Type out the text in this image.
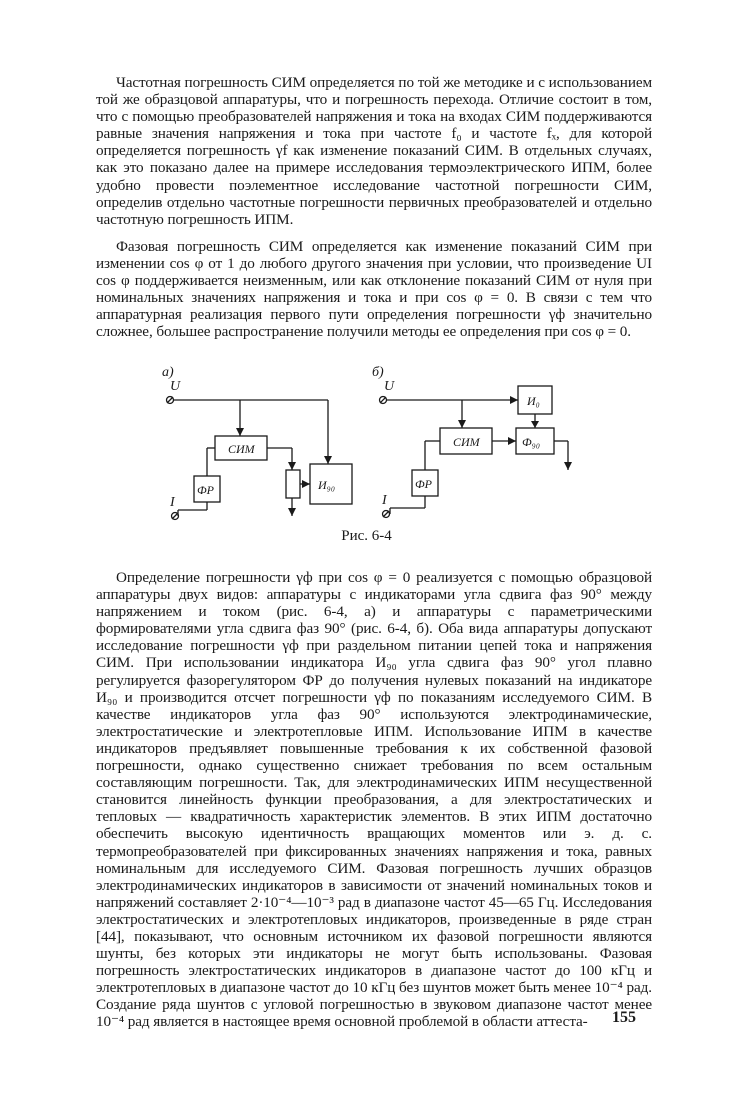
Частотная погрешность СИМ определяется по той же методике и с использованием той же образцовой аппаратуры, что и погрешность перехода. Отличие состоит в том, что с помощью преобразователей напряжения и тока на входах СИМ поддерживаются равные значения напряжения и тока при частоте f₀ и частоте fₓ, для которой определяется погрешность γf как изменение показаний СИМ. В отдельных случаях, как это показано далее на примере исследования термоэлектрического ИПМ, более удобно провести поэлементное исследование частотной погрешности СИМ, определив отдельно частотные погрешности первичных преобразователей и отдельно частотную погрешность ИПМ.

Фазовая погрешность СИМ определяется как изменение показаний СИМ при изменении cos φ от 1 до любого другого значения при условии, что произведение UI cos φ поддерживается неизменным, или как отклонение показаний СИМ от нуля при номинальных значениях напряжения и тока и при cos φ = 0. В связи с тем что аппаратурная реализация первого пути определения погрешности γф значительно сложнее, большее распространение получили методы ее определения при cos φ = 0.

а)
U
СИМ
И₉₀
ФР
I
б)
U
И₀
СИМ	Ф₉₀
ФР
I
Рис. 6-4

Определение погрешности γф при cos φ = 0 реализуется с помощью образцовой аппаратуры двух видов: аппаратуры с индикаторами угла сдвига фаз 90° между напряжением и током (рис. 6-4, а) и аппаратуры с параметрическими формирователями угла сдвига фаз 90° (рис. 6-4, б). Оба вида аппаратуры допускают исследование погрешности γф при раздельном питании цепей тока и напряжения СИМ. При использовании индикатора И₉₀ угла сдвига фаз 90° угол плавно регулируется фазорегулятором ФР до получения нулевых показаний на индикаторе И₉₀ и производится отсчет погрешности γф по показаниям исследуемого СИМ. В качестве индикаторов угла фаз 90° используются электродинамические, электростатические и электротепловые ИПМ. Использование ИПМ в качестве индикаторов предъявляет повышенные требования к их собственной фазовой погрешности, однако существенно снижает требования по всем остальным составляющим погрешности. Так, для электродинамических ИПМ несущественной становится линейность функции преобразования, а для электростатических и тепловых — квадратичность характеристик элементов. В этих ИПМ достаточно обеспечить высокую идентичность вращающих моментов или э. д. с. термопреобразователей при фиксированных значениях напряжения и тока, равных номинальным для исследуемого СИМ. Фазовая погрешность лучших образцов электродинамических индикаторов в зависимости от значений номинальных токов и напряжений составляет 2·10⁻⁴—10⁻³ рад в диапазоне частот 45—65 Гц. Исследования электростатических и электротепловых индикаторов, произведенные в ряде стран [44], показывают, что основным источником их фазовой погрешности являются шунты, без которых эти индикаторы не могут быть использованы. Фазовая погрешность электростатических индикаторов в диапазоне частот до 100 кГц и электротепловых в диапазоне частот до 10 кГц без шунтов может быть менее 10⁻⁴ рад. Создание ряда шунтов с угловой погрешностью в звуковом диапазоне частот менее 10⁻⁴ рад является в настоящее время основной проблемой в области аттеста-	155
